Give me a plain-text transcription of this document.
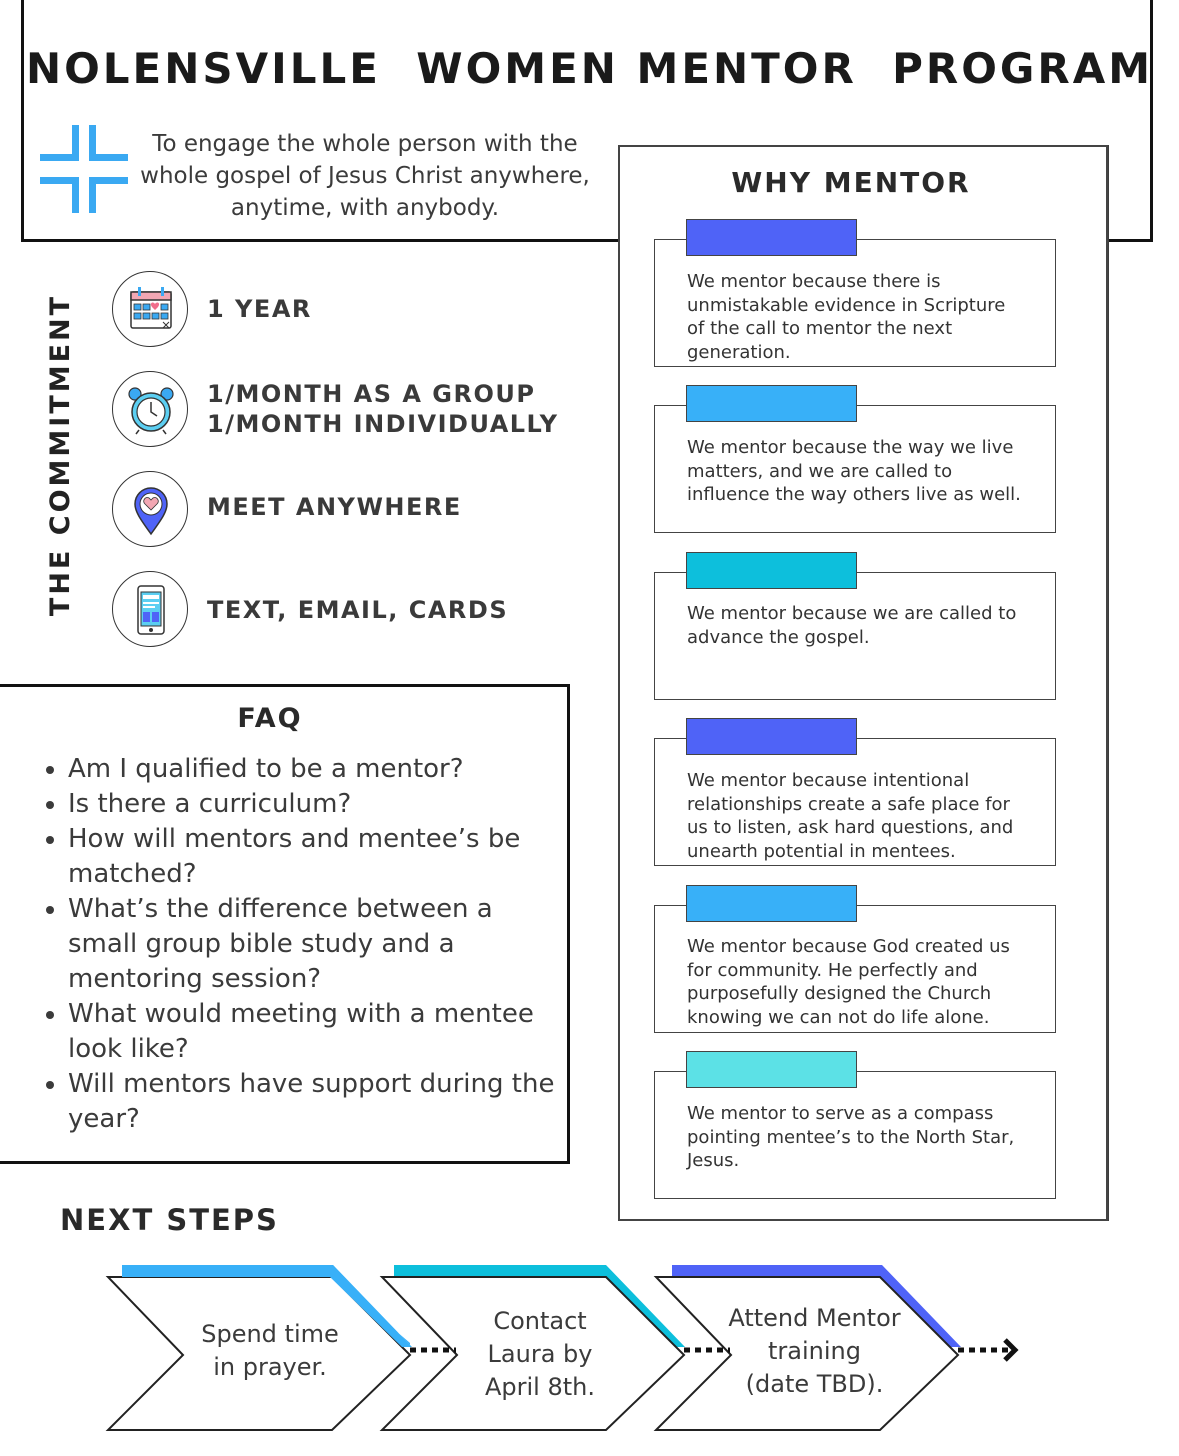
NOLENSVILLE  WOMEN MENTOR  PROGRAM
To engage the whole person with the whole gospel of Jesus Christ anywhere, anytime, with anybody.
WHY MENTOR
We mentor because there is unmistakable evidence in Scripture of the call to mentor the next generation.
We mentor because the way we live matters, and we are called to influence the way others live as well.
We mentor because we are called to advance the gospel.
We mentor because intentional relationships create a safe place for us to listen, ask hard questions, and unearth potential in mentees.
We mentor because God created us for community. He perfectly and purposefully designed the Church knowing we can not do life alone.
We mentor to serve as a compass pointing mentee’s to the North Star, Jesus.
THE COMMITMENT	1 YEAR
1/MONTH AS A GROUP
1/MONTH INDIVIDUALLY
MEET ANYWHERE
TEXT, EMAIL, CARDS
FAQ
• Am I qualified to be a mentor?
• Is there a curriculum?
• How will mentors and mentee’s be matched?
• What’s the difference between a small group bible study and a mentoring session?
• What would meeting with a mentee look like?
• Will mentors have support during the year?
NEXT STEPS
Spend time
in prayer.
Contact
Laura by
April 8th.
Attend Mentor
training
(date TBD).
